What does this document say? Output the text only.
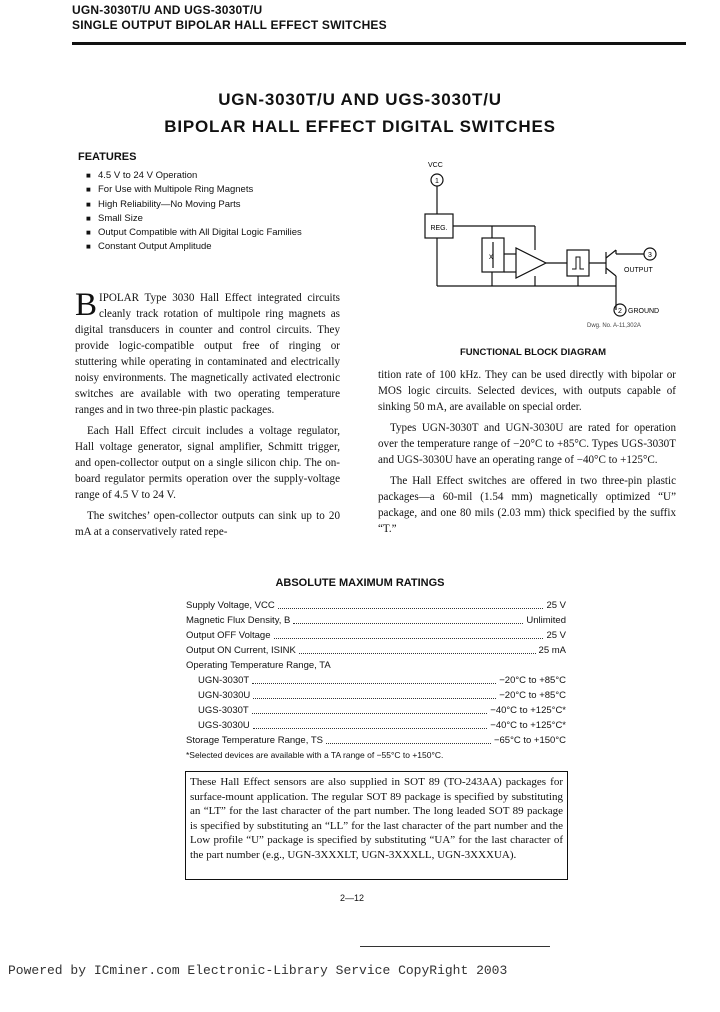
UGN-3030T/U AND UGS-3030T/U
SINGLE OUTPUT BIPOLAR HALL EFFECT SWITCHES
UGN-3030T/U AND UGS-3030T/U
BIPOLAR HALL EFFECT DIGITAL SWITCHES
FEATURES
■ 4.5 V to 24 V Operation
■ For Use with Multipole Ring Magnets
■ High Reliability—No Moving Parts
■ Small Size
■ Output Compatible with All Digital Logic Families
■ Constant Output Amplitude
x
VCC
1
REG.
3
OUTPUT
2 GROUND
Dwg. No. A-11,302A
FUNCTIONAL BLOCK DIAGRAM

BIPOLAR Type 3030 Hall Effect integrated circuits cleanly track rotation of multipole ring magnets as digital transducers in counter and control circuits. They provide logic-compatible output free of ringing or stuttering while operating in contaminated and electrically noisy environments. The magnetically activated electronic switches are available with two operating temperature ranges and in two three-pin plastic packages.

Each Hall Effect circuit includes a voltage regulator, Hall voltage generator, signal amplifier, Schmitt trigger, and open-collector output on a single silicon chip. The on-board regulator permits operation over the supply-voltage range of 4.5 V to 24 V.

The switches’ open-collector outputs can sink up to 20 mA at a conservatively rated repe-

tition rate of 100 kHz. They can be used directly with bipolar or MOS logic circuits. Selected devices, with outputs capable of sinking 50 mA, are available on special order.

Types UGN-3030T and UGN-3030U are rated for operation over the temperature range of −20°C to +85°C. Types UGS-3030T and UGS-3030U have an operating range of −40°C to +125°C.

The Hall Effect switches are offered in two three-pin plastic packages—a 60-mil (1.54 mm) magnetically optimized “U” package, and one 80 mils (2.03 mm) thick specified by the suffix “T.”

ABSOLUTE MAXIMUM RATINGS
Supply Voltage, VCC	25 V
Magnetic Flux Density, B	Unlimited
Output OFF Voltage	25 V
Output ON Current, ISINK	25 mA
Operating Temperature Range, TA
UGN-3030T	−20°C to +85°C
UGN-3030U	−20°C to +85°C
UGS-3030T	−40°C to +125°C*
UGS-3030U	−40°C to +125°C*
Storage Temperature Range, TS	−65°C to +150°C
*Selected devices are available with a TA range of −55°C to +150°C.
These Hall Effect sensors are also supplied in SOT 89 (TO-243AA) packages for surface-mount application. The regular SOT 89 package is specified by substituting an “LT” for the last character of the part number. The long leaded SOT 89 package is specified by substituting an “LL” for the last character of the part number and the Low profile “U” package is specified by substituting “UA” for the last character of the part number (e.g., UGN-3XXXLT, UGN-3XXXLL, UGN-3XXXUA).
2—12
Powered by ICminer.com Electronic-Library Service CopyRight 2003
